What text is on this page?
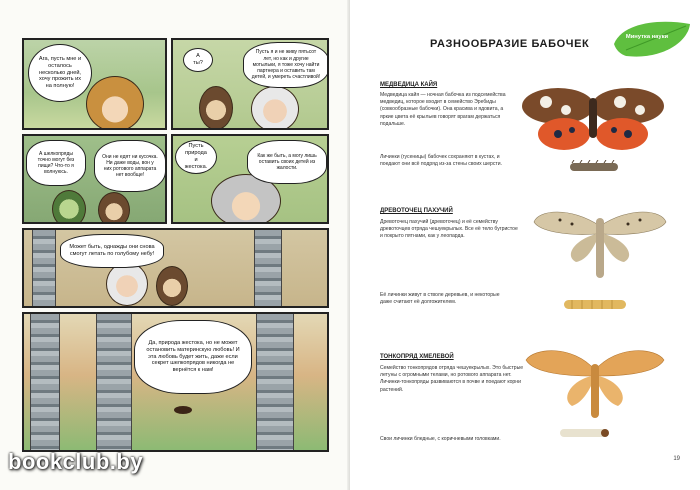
Ага, пусть мне и осталось несколько дней, хочу прожить их на полную!
А ты?
Пусть я и не живу пятьсот лет, но как и другие мотыльки, я тоже хочу найти партнера и оставить там детей, и умереть счастливой!
А шелкопряды точно могут без пищи? Что-то я волнуюсь.
Они не едят ни кусочка. Ни даже воды, вон у них ротового аппарата нет вообще!
Пусть природа и жестока.
Как же быть, а могу лишь оставить своих детей из жалости.
Может быть, однажды они снова смогут летать по голубому небу!
Да, природа жестока, но не может остановить материнскую любовь! И эта любовь будет жить, даже если секрет шелкопрядов никогда не вернётся к нам!
bookclub.by
Минутка науки
РАЗНООБРАЗИЕ БАБОЧЕК
МЕДВЕДИЦА КАЙЯ
Медведица кайя — ночная бабочка из подсемейства медведиц, которое входит в семейство Эребиды (совкообразные бабочки). Она красива и ядовита, а яркие цвета её крыльев говорят врагам держаться подальше.
Личинки (гусеницы) бабочек сохраняют в кустах, и поедают они всё подряд из-за стены своих шерсти.
ДРЕВОТОЧЕЦ ПАХУЧИЙ
Древоточец пахучий (древоточец) и её семейству древоточцев отряда чешуекрылых. Все её тело бугристое и покрыто пятнами, как у леопарда.
Её личинки живут в стволе деревьев, и некоторые даже считают её долгожителем.
ТОНКОПРЯД ХМЕЛЕВОЙ
Семейство тонкопрядов отряда чешуекрылых. Это быстрые летуны с огромными телами, но ротового аппарата нет. Личинки-тонкопряды развиваются в почве и поедают корни растений.
Свои личинки бледные, с коричневыми головками.
19
